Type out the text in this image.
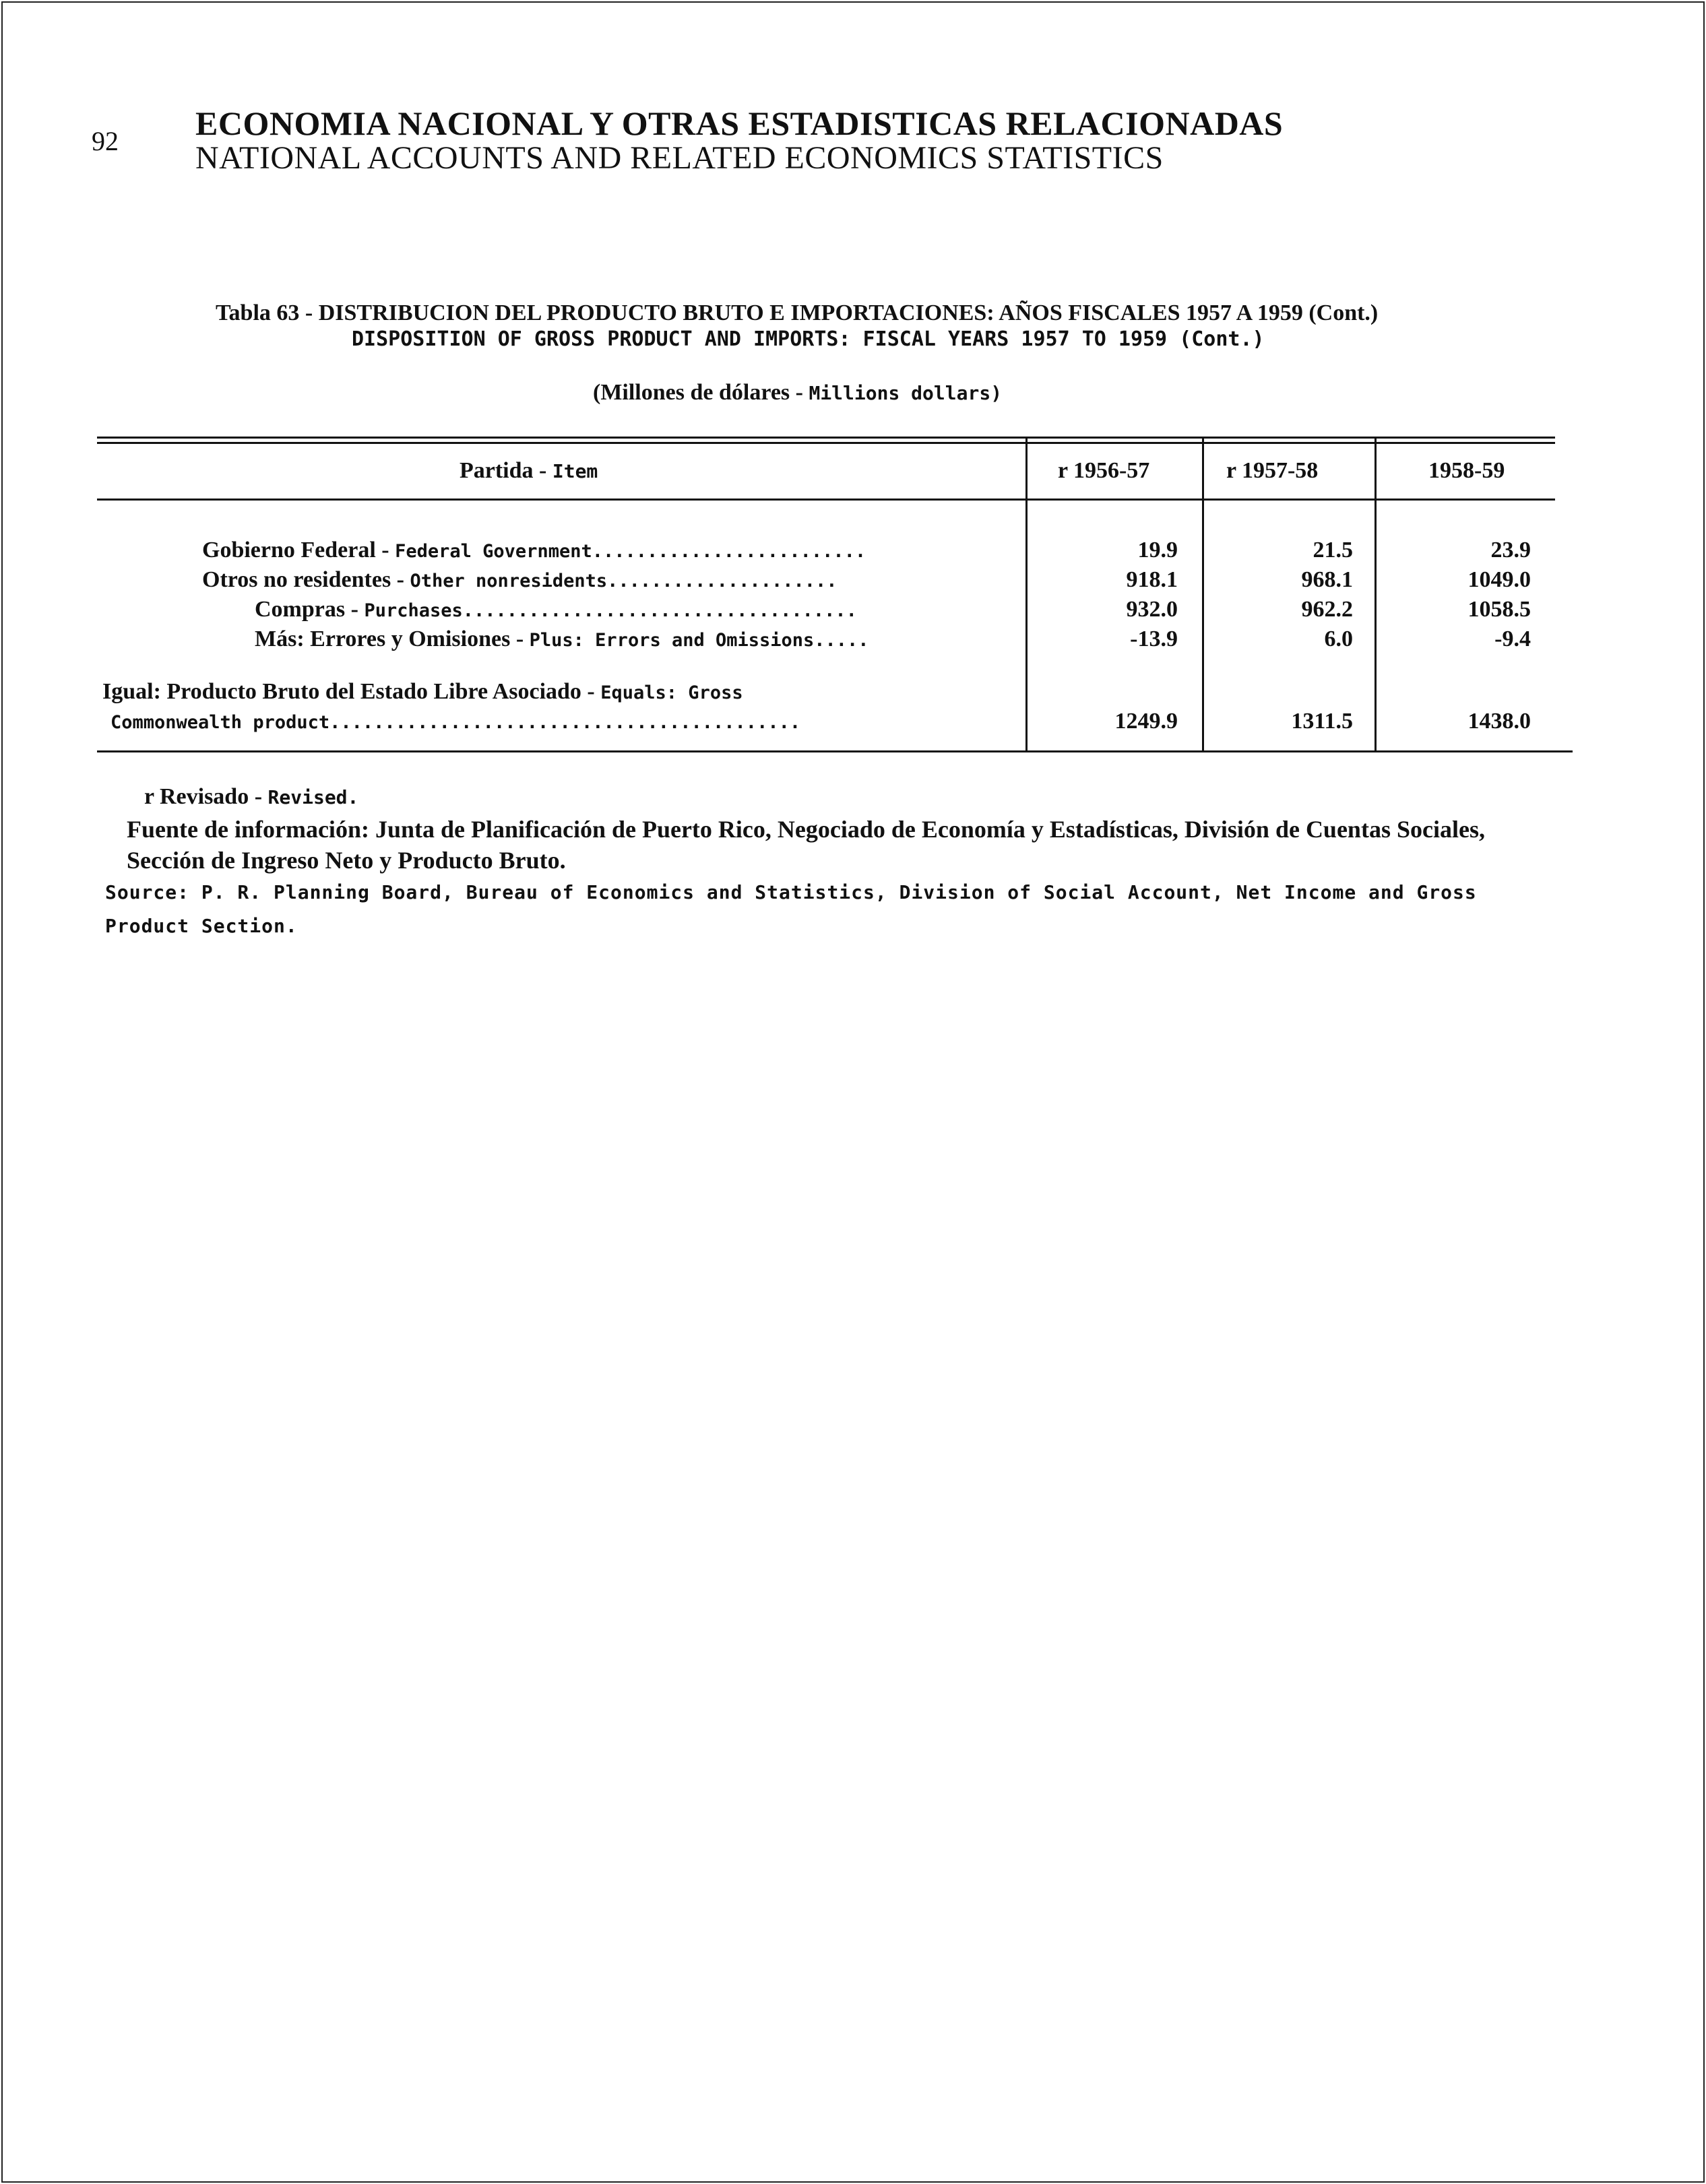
92 ECONOMIA NACIONAL Y OTRAS ESTADISTICAS RELACIONADAS
NATIONAL ACCOUNTS AND RELATED ECONOMICS STATISTICS
Tabla 63 - DISTRIBUCION DEL PRODUCTO BRUTO E IMPORTACIONES: AÑOS FISCALES 1957 A 1959 (Cont.)
DISPOSITION OF GROSS PRODUCT AND IMPORTS: FISCAL YEARS 1957 TO 1959 (Cont.)
(Millones de dólares - Millions dollars)
Partida - Item	r 1956-57	r 1957-58	1958-59
Gobierno Federal - Federal Government.........................	19.9	21.5	23.9
Otros no residentes - Other nonresidents.....................	918.1	968.1	1049.0
Compras - Purchases....................................	932.0	962.2	1058.5
Más: Errores y Omisiones - Plus: Errors and Omissions.....	-13.9	6.0	-9.4
Igual: Producto Bruto del Estado Libre Asociado - Equals: Gross
Commonwealth product...........................................	1249.9	1311.5	1438.0
r Revisado - Revised.
Fuente de información: Junta de Planificación de Puerto Rico, Negociado de Economía y Estadísticas, División de Cuentas Sociales, Sección de Ingreso Neto y Producto Bruto.
Source: P. R. Planning Board, Bureau of Economics and Statistics, Division of Social Account, Net Income and Gross Product Section.
